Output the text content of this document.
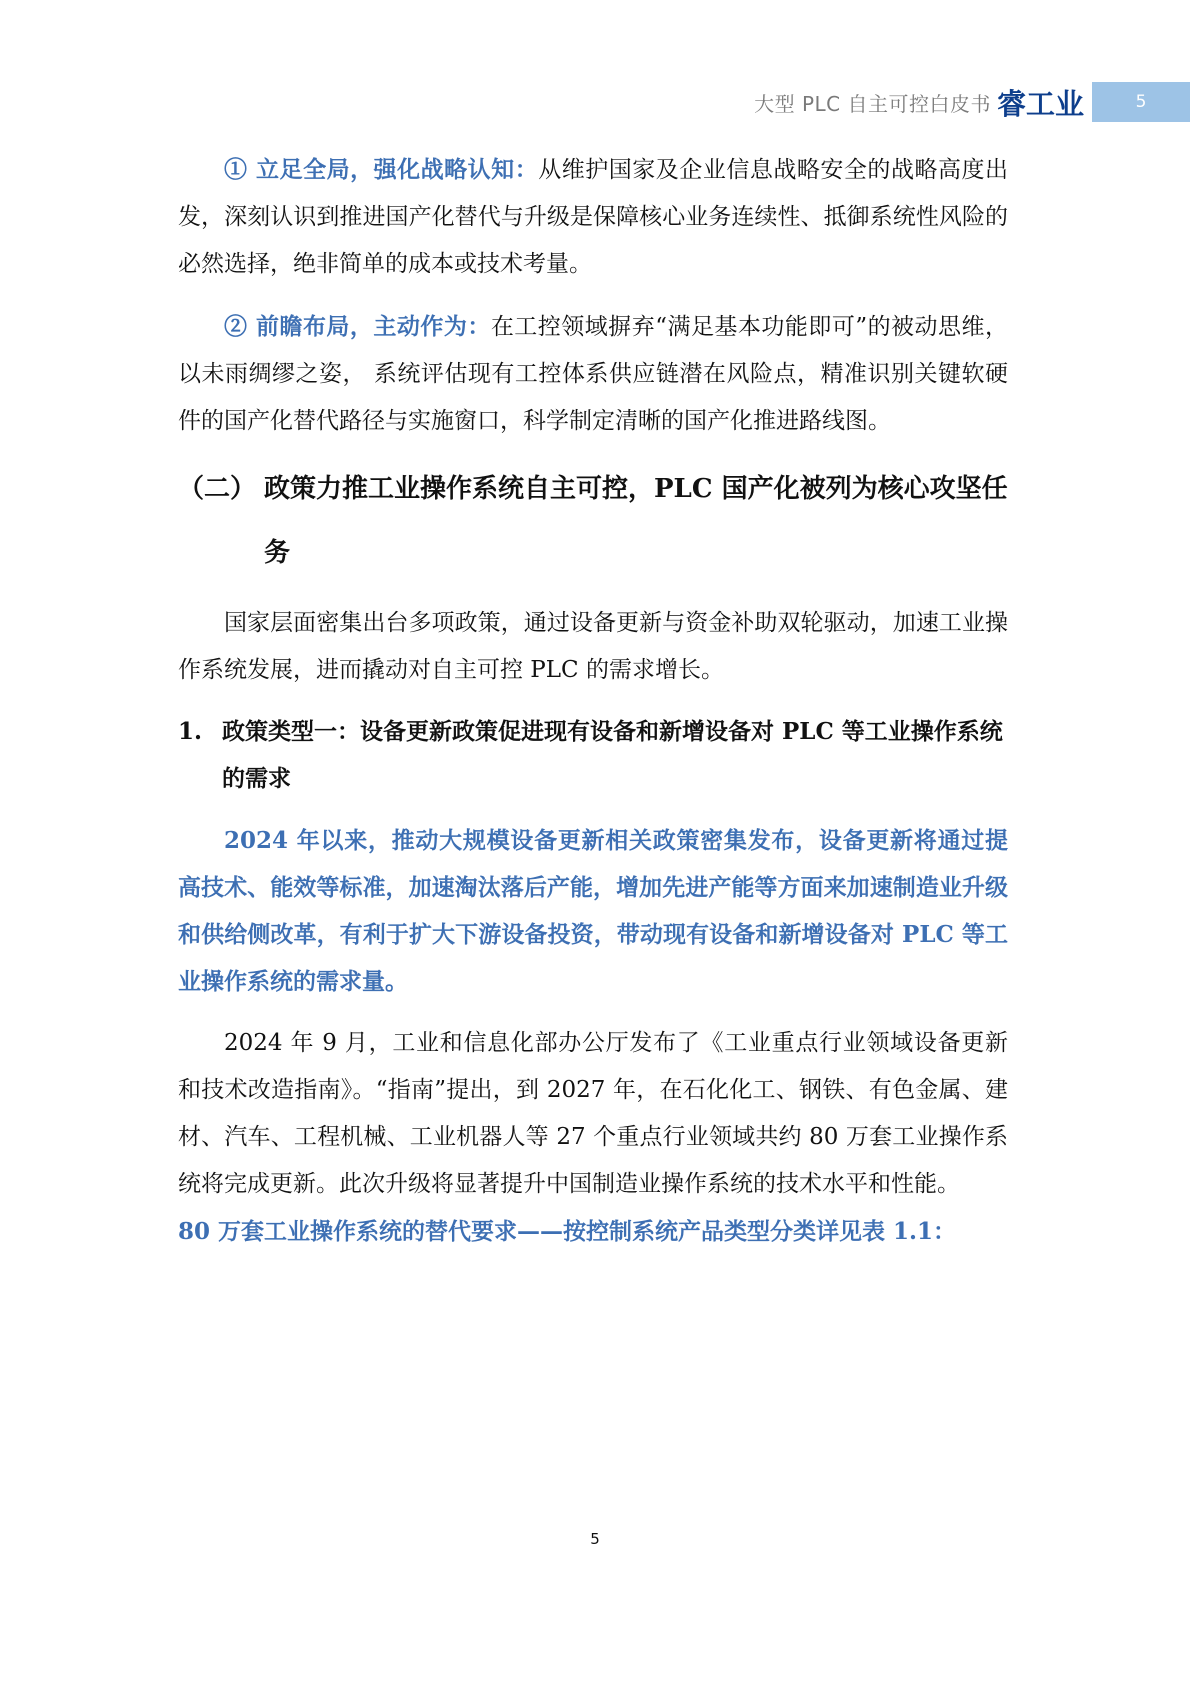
大型 PLC 自主可控白皮书 睿工业	5

① 立足全局，强化战略认知：从维护国家及企业信息战略安全的战略高度出发，深刻认识到推进国产化替代与升级是保障核心业务连续性、抵御系统性风险的必然选择，绝非简单的成本或技术考量。

② 前瞻布局，主动作为：在工控领域摒弃“满足基本功能即可”的被动思维，以未雨绸缪之姿， 系统评估现有工控体系供应链潜在风险点，精准识别关键软硬件的国产化替代路径与实施窗口，科学制定清晰的国产化推进路线图。

（二） 政策力推工业操作系统自主可控，PLC 国产化被列为核心攻坚任务

国家层面密集出台多项政策，通过设备更新与资金补助双轮驱动，加速工业操作系统发展，进而撬动对自主可控 PLC 的需求增长。

1. 政策类型一：设备更新政策促进现有设备和新增设备对 PLC 等工业操作系统的需求

2024 年以来，推动大规模设备更新相关政策密集发布，设备更新将通过提高技术、能效等标准，加速淘汰落后产能，增加先进产能等方面来加速制造业升级和供给侧改革，有利于扩大下游设备投资，带动现有设备和新增设备对 PLC 等工业操作系统的需求量。

2024 年 9 月，工业和信息化部办公厅发布了《工业重点行业领域设备更新和技术改造指南》。“指南”提出，到 2027 年，在石化化工、钢铁、有色金属、建材、汽车、工程机械、工业机器人等 27 个重点行业领域共约 80 万套工业操作系统将完成更新。此次升级将显著提升中国制造业操作系统的技术水平和性能。

80 万套工业操作系统的替代要求——按控制系统产品类型分类详见表 1.1：

5
